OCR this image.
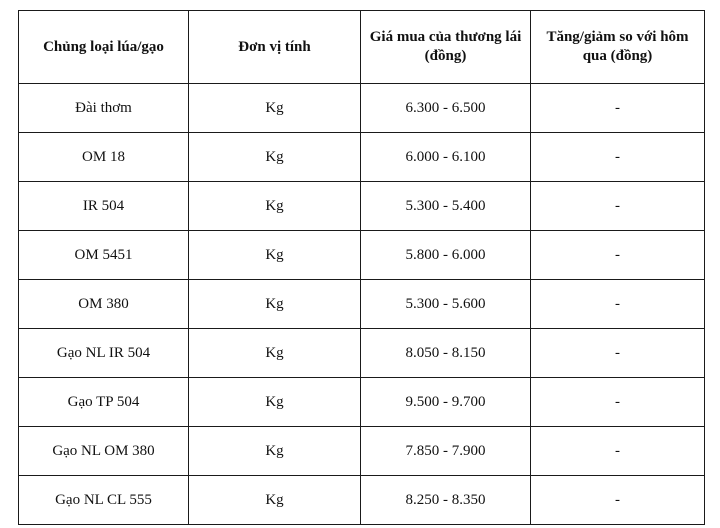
Chủng loại lúa/gạo	Đơn vị tính	Giá mua của thương lái (đồng)	Tăng/giảm so với hôm qua (đồng)
Đài thơm	Kg	6.300 - 6.500	-
OM 18	Kg	6.000 - 6.100	-
IR 504	Kg	5.300 - 5.400	-
OM 5451	Kg	5.800 - 6.000	-
OM 380	Kg	5.300 - 5.600	-
Gạo NL IR 504	Kg	8.050 - 8.150	-
Gạo TP 504	Kg	9.500 - 9.700	-
Gạo NL OM 380	Kg	7.850 - 7.900	-
Gạo NL CL 555	Kg	8.250 - 8.350	-
